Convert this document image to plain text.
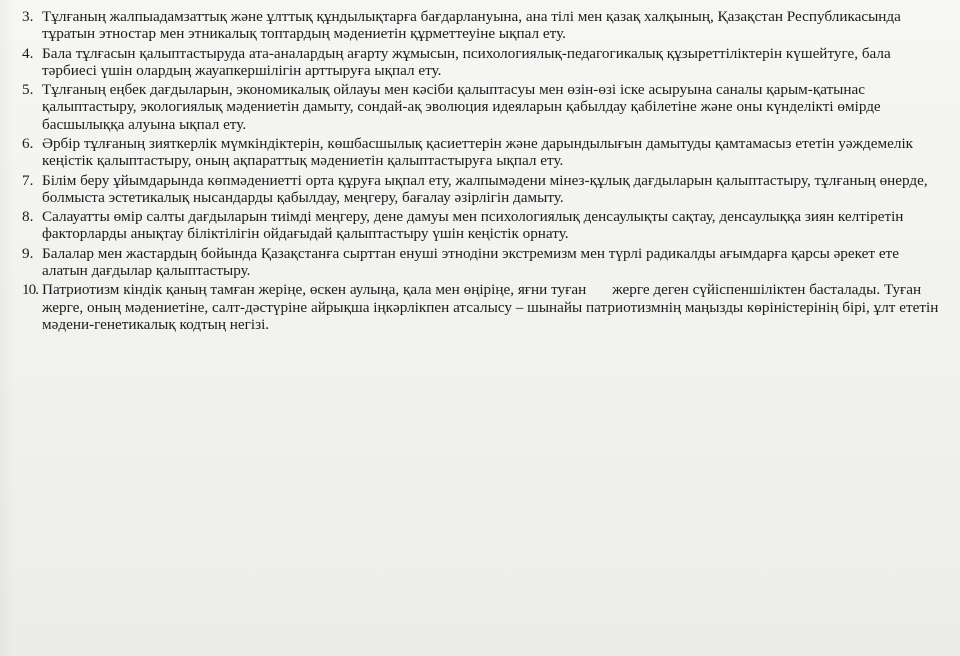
3. Тұлғаның жалпыадамзаттық және ұлттық құндылықтарға бағдарлануына, ана тілі мен қазақ халқының, Қазақстан Республикасында тұратын этностар мен этникалық топтардың мәдениетін құрметтеуіне ықпал ету.
4. Бала тұлғасын қалыптастыруда ата-аналардың ағарту жұмысын, психологиялық-педагогикалық құзыреттіліктерін күшейтуге, бала тәрбиесі үшін олардың жауапкершілігін арттыруға ықпал ету.
5. Тұлғаның еңбек дағдыларын, экономикалық ойлауы мен кәсіби қалыптасуы мен өзін-өзі іске асыруына саналы қарым-қатынас қалыптастыру, экологиялық мәдениетін дамыту, сондай-ақ эволюция идеяларын қабылдау қабілетіне және оны күнделікті өмірде басшылыққа алуына ықпал ету.
6. Әрбір тұлғаның зияткерлік мүмкіндіктерін, көшбасшылық қасиеттерін және дарындылығын дамытуды қамтамасыз ететін уәждемелік кеңістік қалыптастыру, оның ақпараттық мәдениетін қалыптастыруға ықпал ету.
7. Білім беру ұйымдарында көпмәдениетті орта құруға ықпал ету, жалпымәдени мінез-құлық дағдыларын қалыптастыру, тұлғаның өнерде, болмыста эстетикалық нысандарды қабылдау, меңгеру, бағалау әзірлігін дамыту.
8. Салауатты өмір салты дағдыларын тиімді меңгеру, дене дамуы мен психологиялық денсаулықты сақтау, денсаулыққа зиян келтіретін факторларды анықтау біліктілігін ойдағыдай қалыптастыру үшін кеңістік орнату.
9. Балалар мен жастардың бойында Қазақстанға сырттан енуші этнодіни экстремизм мен түрлі радикалды ағымдарға қарсы әрекет ете алатын дағдылар қалыптастыру.
10. Патриотизм кіндік қаның тамған жеріңе, өскен аулыңа, қала мен өңіріңе, яғни туған жерге деген сүйіспеншіліктен басталады. Туған жерге, оның мәдениетіне, салт-дәстүріне айрықша іңкәрлікпен атсалысу – шынайы патриотизмнің маңызды көріністерінің бірі, ұлт ететін мәдени-генетикалық кодтың негізі.
